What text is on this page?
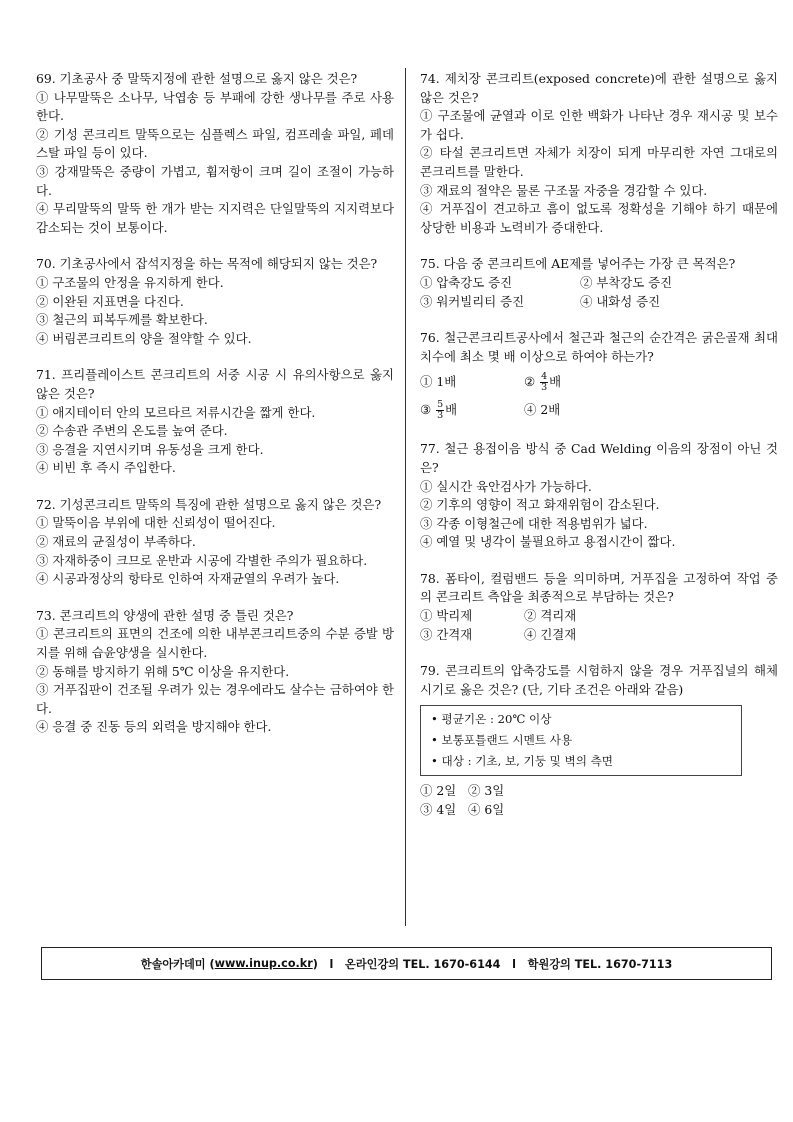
69. 기초공사 중 말뚝지정에 관한 설명으로 옳지 않은 것은?

① 나무말뚝은 소나무, 낙엽송 등 부패에 강한 생나무를 주로 사용한다.

② 기성 콘크리트 말뚝으로는 심플렉스 파일, 컴프레솔 파일, 페데스탈 파일 등이 있다.

③ 강재말뚝은 중량이 가볍고, 휨저항이 크며 길이 조절이 가능하다.

④ 무리말뚝의 말뚝 한 개가 받는 지지력은 단일말뚝의 지지력보다 감소되는 것이 보통이다.

70. 기초공사에서 잡석지정을 하는 목적에 해당되지 않는 것은?

① 구조물의 안정을 유지하게 한다.

② 이완된 지표면을 다진다.

③ 철근의 피복두께를 확보한다.

④ 버림콘크리트의 양을 절약할 수 있다.

71. 프리플레이스트 콘크리트의 서중 시공 시 유의사항으로 옳지 않은 것은?

① 애지테이터 안의 모르타르 저류시간을 짧게 한다.

② 수송관 주변의 온도를 높여 준다.

③ 응결을 지연시키며 유동성을 크게 한다.

④ 비빈 후 즉시 주입한다.

72. 기성콘크리트 말뚝의 특징에 관한 설명으로 옳지 않은 것은?

① 말뚝이음 부위에 대한 신뢰성이 떨어진다.

② 재료의 균질성이 부족하다.

③ 자재하중이 크므로 운반과 시공에 각별한 주의가 필요하다.

④ 시공과정상의 항타로 인하여 자재균열의 우려가 높다.

73. 콘크리트의 양생에 관한 설명 중 틀린 것은?

① 콘크리트의 표면의 건조에 의한 내부콘크리트중의 수분 증발 방지를 위해 습윤양생을 실시한다.

② 동해를 방지하기 위해 5℃ 이상을 유지한다.

③ 거푸집판이 건조될 우려가 있는 경우에라도 살수는 금하여야 한다.

④ 응결 중 진동 등의 외력을 방지해야 한다.

74. 제치장 콘크리트(exposed concrete)에 관한 설명으로 옳지 않은 것은?

① 구조물에 균열과 이로 인한 백화가 나타난 경우 재시공 및 보수가 쉽다.

② 타설 콘크리트면 자체가 치장이 되게 마무리한 자연 그대로의 콘크리트를 말한다.

③ 재료의 절약은 물론 구조물 자중을 경감할 수 있다.

④ 거푸집이 견고하고 흠이 없도록 정확성을 기해야 하기 때문에 상당한 비용과 노력비가 증대한다.

75. 다음 중 콘크리트에 AE제를 넣어주는 가장 큰 목적은?

① 압축강도 증진	② 부착강도 증진
③ 워커빌리티 증진	④ 내화성 증진

76. 철근콘크리트공사에서 철근과 철근의 순간격은 굵은골재 최대치수에 최소 몇 배 이상으로 하여야 하는가?

① 1배	② $\frac{4}{3}$ 배
③ $\frac{5}{3}$ 배	④ 2배

77. 철근 용접이음 방식 중 Cad Welding 이음의 장점이 아닌 것은?

① 실시간 육안검사가 가능하다.

② 기후의 영향이 적고 화재위험이 감소된다.

③ 각종 이형철근에 대한 적용범위가 넓다.

④ 예열 및 냉각이 불필요하고 용접시간이 짧다.

78. 폼타이, 컬럼밴드 등을 의미하며, 거푸집을 고정하여 작업 중의 콘크리트 측압을 최종적으로 부담하는 것은?

① 박리제	② 격리재
③ 간격재	④ 긴결재

79. 콘크리트의 압축강도를 시험하지 않을 경우 거푸집널의 해체시기로 옳은 것은? (단, 기타 조건은 아래와 같음)

• 평균기온 : 20℃ 이상
• 보통포틀랜드 시멘트 사용
• 대상 : 기초, 보, 기둥 및 벽의 측면

① 2일   ② 3일

③ 4일   ④ 6일

한솔아카데미 ( www.inup.co.kr )   l   온라인강의 TEL. 1670-6144   l   학원강의 TEL. 1670-7113
